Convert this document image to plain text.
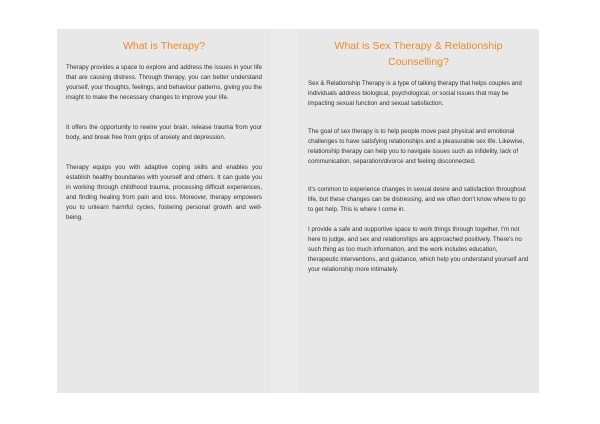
What is Therapy?

Therapy provides a space to explore and address the issues in your life that are causing distress. Through therapy, you can better understand yourself, your thoughts, feelings, and behaviour patterns, giving you the insight to make the necessary changes to improve your life.

It offers the opportunity to rewire your brain, release trauma from your body, and break free from grips of anxiety and depression.

Therapy equips you with adaptive coping skills and enables you establish healthy boundaries with yourself and others. It can guide you in working through childhood trauma, processing difficult experiences, and finding healing from pain and loss. Moreover, therapy empowers you to unlearn harmful cycles, fostering personal growth and well-being.

What is Sex Therapy & Relationship Counselling?

Sex & Relationship Therapy is a type of talking therapy that helps couples and individuals address biological, psychological, or social issues that may be impacting sexual function and sexual satisfaction.

The goal of sex therapy is to help people move past physical and emotional challenges to have satisfying relationships and a pleasurable sex life. Likewise, relationship therapy can help you to navigate issues such as infidelity, lack of communication, separation/divorce and feeling disconnected.

It's common to experience changes in sexual desire and satisfaction throughout life, but these changes can be distressing, and we often don't know where to go to get help. This is where I come in.

I provide a safe and supportive space to work things through together. I'm not here to judge, and sex and relationships are approached positively. There's no such thing as too much information, and the work includes education, therapeutic interventions, and guidance, which help you understand yourself and your relationship more intimately.
